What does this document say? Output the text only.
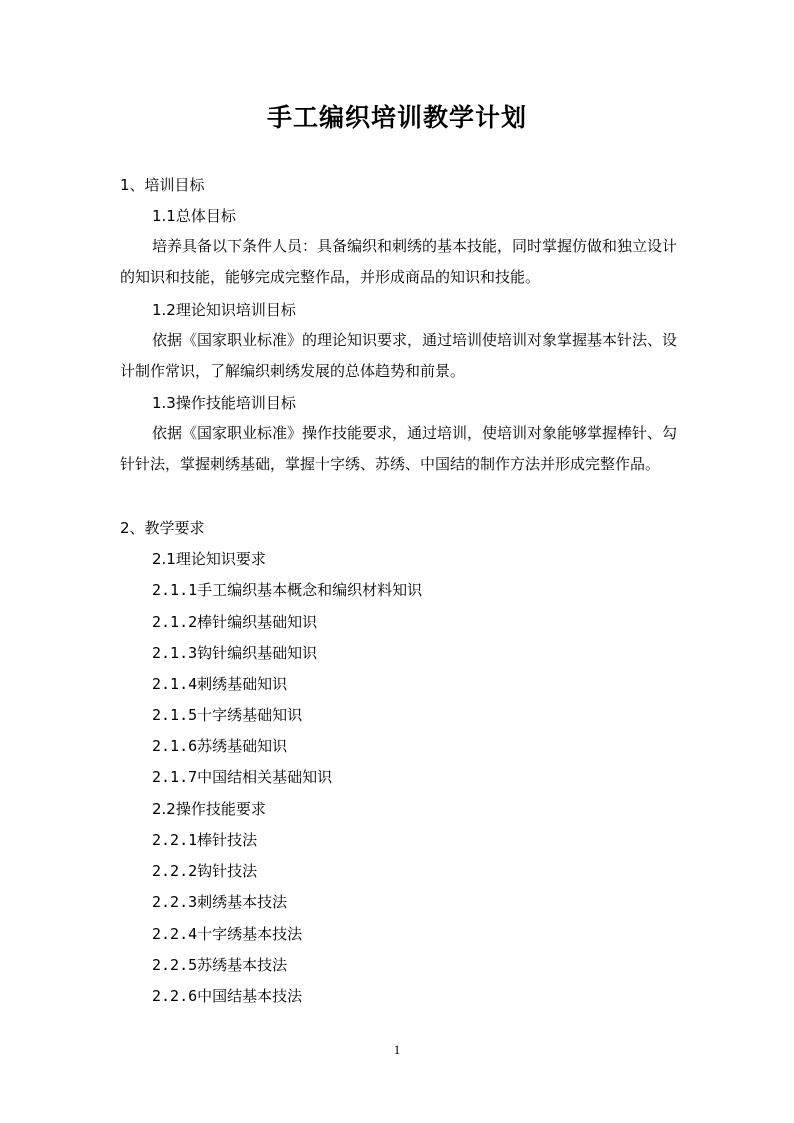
手工编织培训教学计划
1、培训目标
1.1总体目标
培养具备以下条件人员：具备编织和刺绣的基本技能，同时掌握仿做和独立设计的知识和技能，能够完成完整作品，并形成商品的知识和技能。
1.2理论知识培训目标
依据《国家职业标准》的理论知识要求，通过培训使培训对象掌握基本针法、设计制作常识，了解编织刺绣发展的总体趋势和前景。
1.3操作技能培训目标
依据《国家职业标准》操作技能要求，通过培训，使培训对象能够掌握棒针、勾针针法，掌握刺绣基础，掌握十字绣、苏绣、中国结的制作方法并形成完整作品。
2、教学要求
2.1理论知识要求
2.1.1手工编织基本概念和编织材料知识
2.1.2棒针编织基础知识
2.1.3钩针编织基础知识
2.1.4刺绣基础知识
2.1.5十字绣基础知识
2.1.6苏绣基础知识
2.1.7中国结相关基础知识
2.2操作技能要求
2.2.1棒针技法
2.2.2钩针技法
2.2.3刺绣基本技法
2.2.4十字绣基本技法
2.2.5苏绣基本技法
2.2.6中国结基本技法
1
